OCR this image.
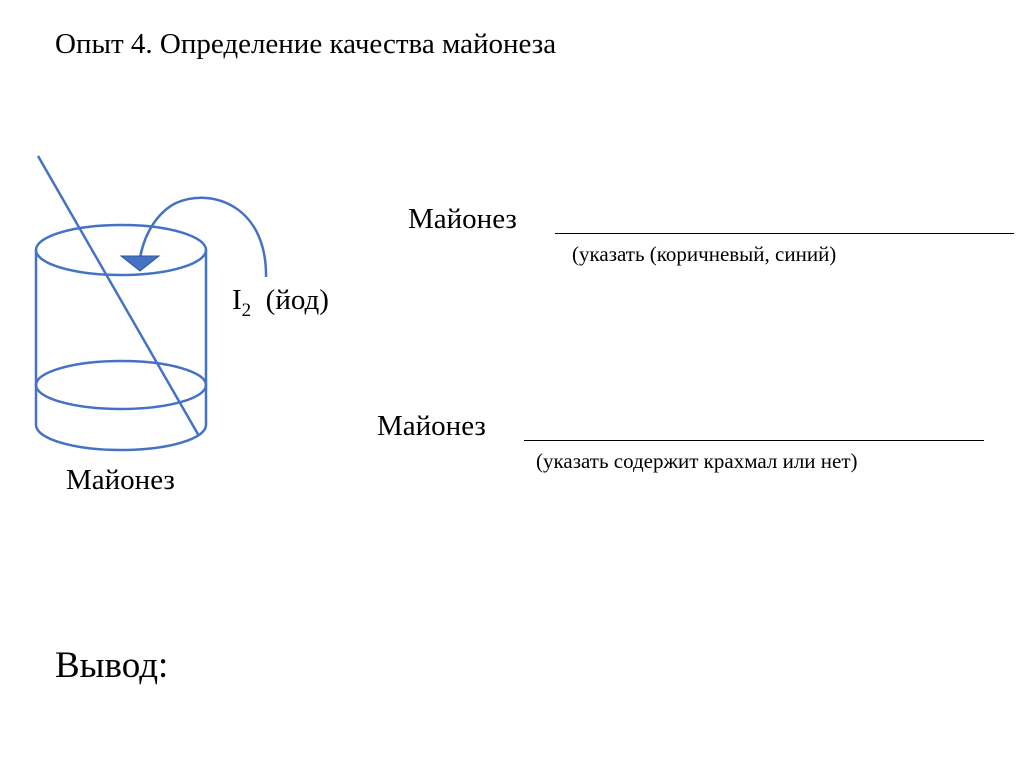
Опыт 4. Определение качества майонеза
$I_2$ (йод)
Майонез
Майонез
(указать (коричневый, синий)
Майонез
(указать содержит крахмал или нет)
Вывод:
